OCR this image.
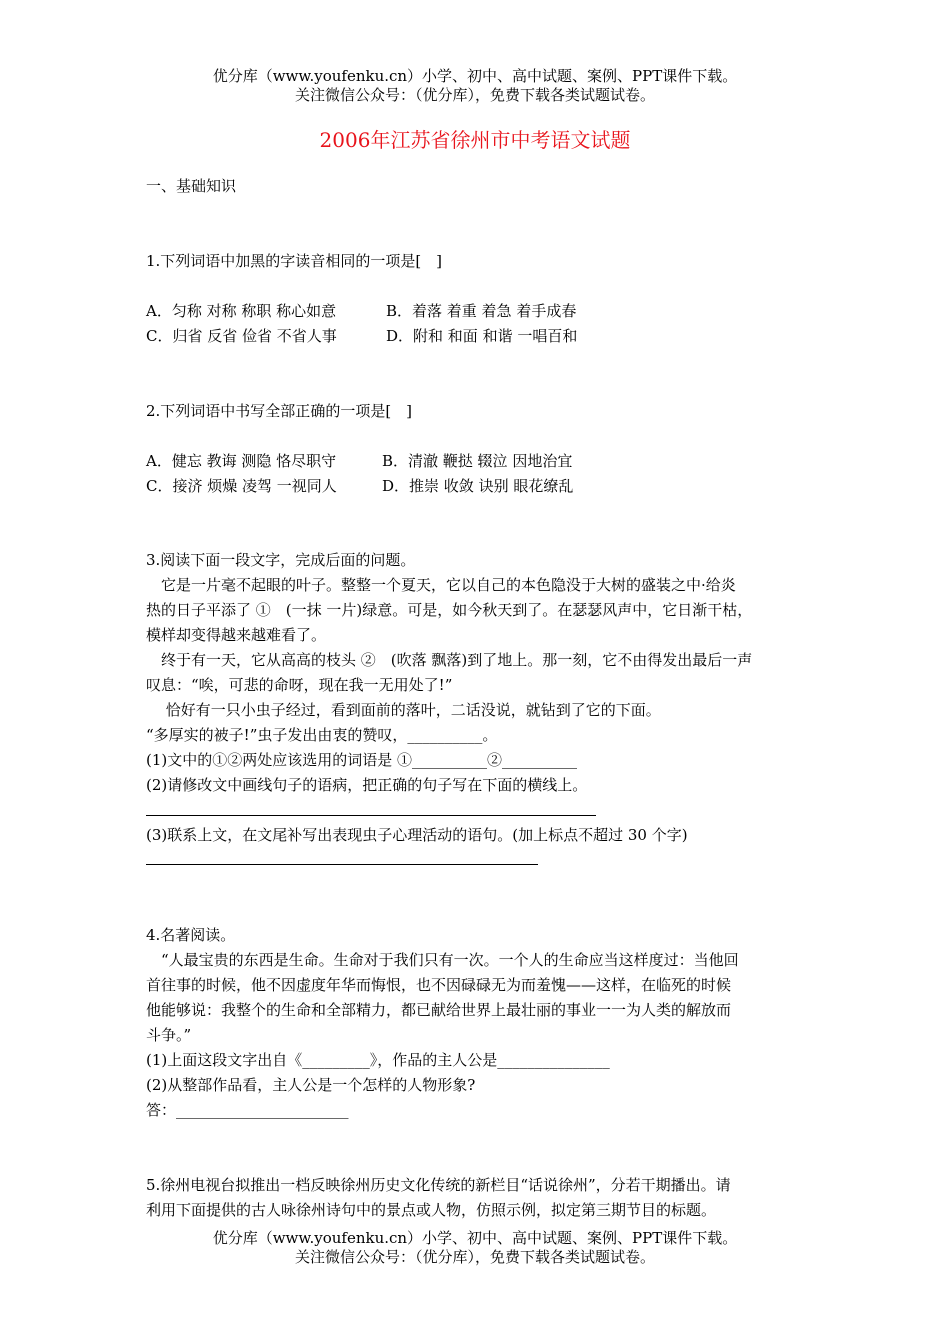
优分库（www.youfenku.cn）小学、初中、高中试题、案例、PPT课件下载。
关注微信公众号：（优分库），免费下载各类试题试卷。
2006年江苏省徐州市中考语文试题
一、基础知识
1.下列词语中加黑的字读音相同的一项是[　]
A．匀称 对称 称职 称心如意	B．着落 着重 着急 着手成春
C．归省 反省 俭省 不省人事	D．附和 和面 和谐 一唱百和
2.下列词语中书写全部正确的一项是[　]
A．健忘 教诲 测隐 恪尽职守	B．清澈 鞭挞 辍泣 因地治宜
C．接济 烦燥 凌驾 一视同人	D．推崇 收敛 诀别 眼花缭乱
3.阅读下面一段文字，完成后面的问题。
　它是一片毫不起眼的叶子。整整一个夏天，它以自己的本色隐没于大树的盛装之中·给炎
热的日子平添了 ①　(一抹 一片)绿意。可是，如今秋天到了。在瑟瑟风声中，它日渐干枯，
模样却变得越来越难看了。
　终于有一天，它从高高的枝头 ②　(吹落 飘落)到了地上。那一刻，它不由得发出最后一声
叹息：“唉，可悲的命呀，现在我一无用处了!”
　 恰好有一只小虫子经过，看到面前的落叶，二话没说，就钻到了它的下面。
“多厚实的被子!”虫子发出由衷的赞叹，__________。
(1)文中的①②两处应该选用的词语是 ①__________②__________
(2)请修改文中画线句子的语病，把正确的句子写在下面的横线上。
(3)联系上文，在文尾补写出表现虫子心理活动的语句。(加上标点不超过 30 个字)
4.名著阅读。
　“人最宝贵的东西是生命。生命对于我们只有一次。一个人的生命应当这样度过：当他回
首往事的时候，他不因虚度年华而悔恨，也不因碌碌无为而羞愧——这样，在临死的时候
他能够说：我整个的生命和全部精力，都已献给世界上最壮丽的事业一一为人类的解放而
斗争。”
(1)上面这段文字出自《_________》，作品的主人公是_______________
(2)从整部作品看，主人公是一个怎样的人物形象?
答：_______________________
5.徐州电视台拟推出一档反映徐州历史文化传统的新栏目“话说徐州”，分若干期播出。请
利用下面提供的古人咏徐州诗句中的景点或人物，仿照示例，拟定第三期节目的标题。
优分库（www.youfenku.cn）小学、初中、高中试题、案例、PPT课件下载。
关注微信公众号：（优分库），免费下载各类试题试卷。
